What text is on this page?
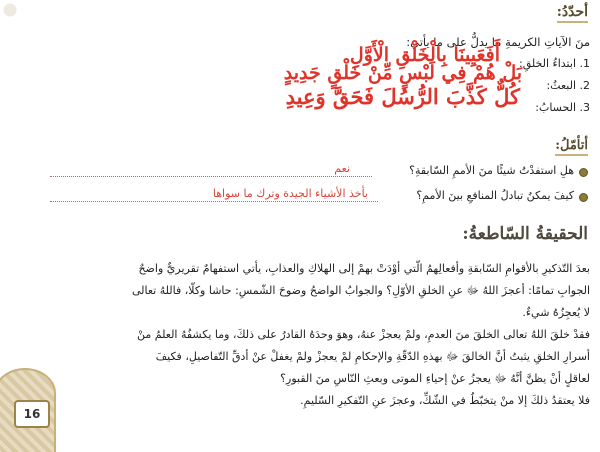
أحدّدُ:
منَ الآياتِ الكريمةِ ما يدلُّ على ما يأتي:
1. ابتداءُ الخلقِ:
أَفَعَيِينَا بِالْخَلْقِ الْأَوَّلِ
2. البعثُ:
بَلْ هُمْ فِي لَبْسٍ مِّنْ خَلْقٍ جَدِيدٍ
3. الحسابُ:
كُلٌّ كَذَّبَ الرُّسُلَ فَحَقَّ وَعِيدِ
أتأمّلُ:
هلِ استفدْتُ شيئًا منَ الأممِ السّابقةِ؟
نعم
كيفَ يمكنُ تبادلُ المنافعِ بينَ الأممِ؟
بأخذ الأشياء الجيدة وترك ما سواها
الحقيقةُ السّاطعةُ:

بعدَ التّذكيرِ بالأقوامِ السّابقةِ وأفعالِهمُ الّتي أوْدَتْ بهمْ إلى الهلاكِ والعذابِ، يأتي استفهامٌ تقريريٌّ واضحٌ

الجوابِ تمامًا: أعجزَ اللهُ ﷻ عنِ الخلقِ الأوّلِ؟ والجوابُ الواضحُ وضوحَ الشّمسِ: حاشا وكلّا، فاللهُ تعالى

لا يُعجِزُهُ شيءٌ.

فقدْ خلقَ اللهُ تعالى الخلقَ منَ العدمِ، ولمْ يعجزْ عنهُ، وهوَ وحدَهُ القادرُ على ذلكَ، وما يكشفُهُ العلمُ منْ

أسرارِ الخلقِ يثبتُ أنَّ الخالقَ ﷻ بهذهِ الدّقّةِ والإحكامِ لمْ يعجزْ ولمْ يغفلْ عنْ أدقِّ التّفاصيلِ، فكيفَ

لعاقلٍ أنْ يظنَّ أنَّهُ ﷻ يعجزُ عنْ إحياءِ الموتى وبعثِ النّاسِ منَ القبورِ؟

فلا يعتقدُ ذلكَ إلا منْ يتخبّطُ في الشّكِّ، وعجزَ عنِ التّفكيرِ السّليمِ.

16
